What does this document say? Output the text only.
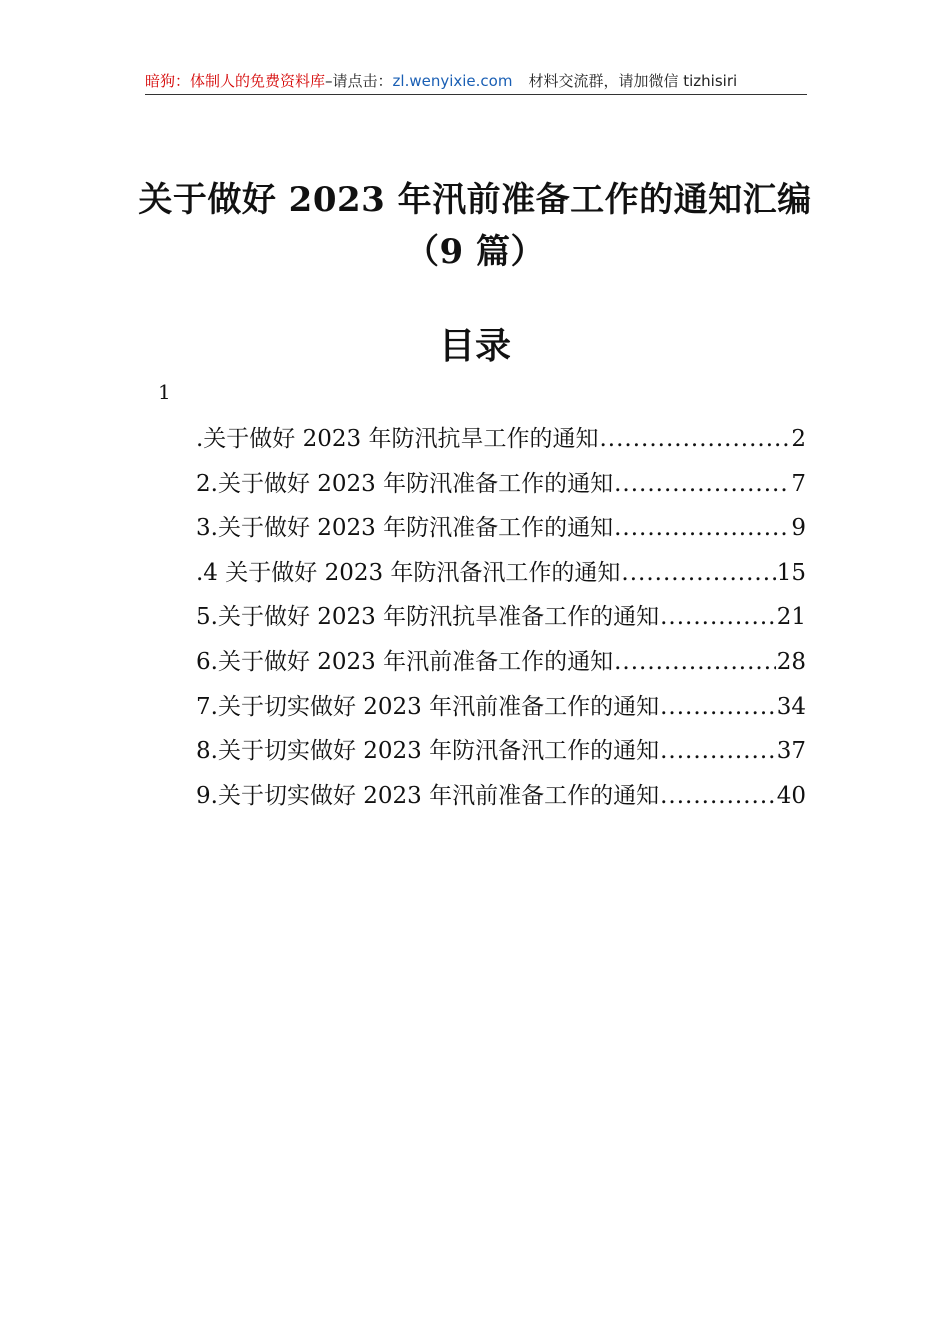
暗狗：体制人的免费资料库–请点击：zl.wenyixie.com 材料交流群，请加微信 tizhisiri
关于做好 2023 年汛前准备工作的通知汇编
（9 篇）
目录
1
.关于做好 2023 年防汛抗旱工作的通知 .....	2
2.关于做好 2023 年防汛准备工作的通知 .....	7
3.关于做好 2023 年防汛准备工作的通知 .....	9
.4 关于做好 2023 年防汛备汛工作的通知 .....	15
5.关于做好 2023 年防汛抗旱准备工作的通知 .....	21
6.关于做好 2023 年汛前准备工作的通知 .....	28
7.关于切实做好 2023 年汛前准备工作的通知 .....	34
8.关于切实做好 2023 年防汛备汛工作的通知 .....	37
9.关于切实做好 2023 年汛前准备工作的通知 .....	40
